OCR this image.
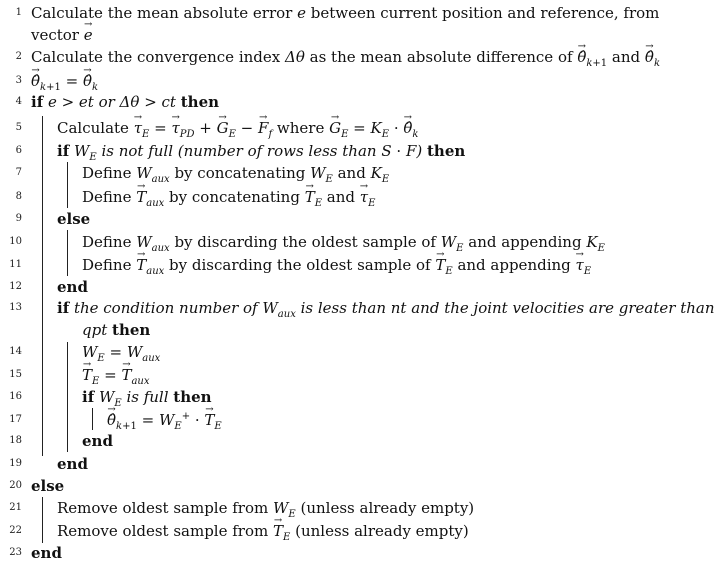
1 Calculate the mean absolute error e between current position and reference, from
vector → e
2 Calculate the convergence index Δθ as the mean absolute difference of → $\thetâ_{k+1}$ and → $\thetâ_k$
3
→ $\thetâ_{k+1}$ = → $\thetâ_k$
4 if e > et or Δθ > ct then
5 Calculate → $\tau_E$ = → $\tau_{PD}$ + → $G_E$ − → $F_f$ where → $G_E = K_E$ · → $\thetâ_k$
6 if $W_E$ is not full (number of rows less than S · F) then
7	Define $W_{aux}$ by concatenating $W_E$ and $K_E$
8	Define → $T_{aux}$ by concatenating → $T_E$ and → $\tau_E$
9 else
10	Define $W_{aux}$ by discarding the oldest sample of $W_E$ and appending $K_E$
11	Define → $T_{aux}$ by discarding the oldest sample of → $T_E$ and appending → $\tau_E$
12 end
13 if the condition number of $W_{aux}$ is less than nt and the joint velocities are greater than
qpt then
14	$W_E = W_{aux}$
15
→	$T_E$ = → $T_{aux}$
16	if $W_E$ is full then
17
→	$\thetâ_{k+1} = W_E^+$ · → $T_E$
18	end
19 end
20 else
21 Remove oldest sample from $W_E$ (unless already empty)
22 Remove oldest sample from → $T_E$ (unless already empty)
23 end
